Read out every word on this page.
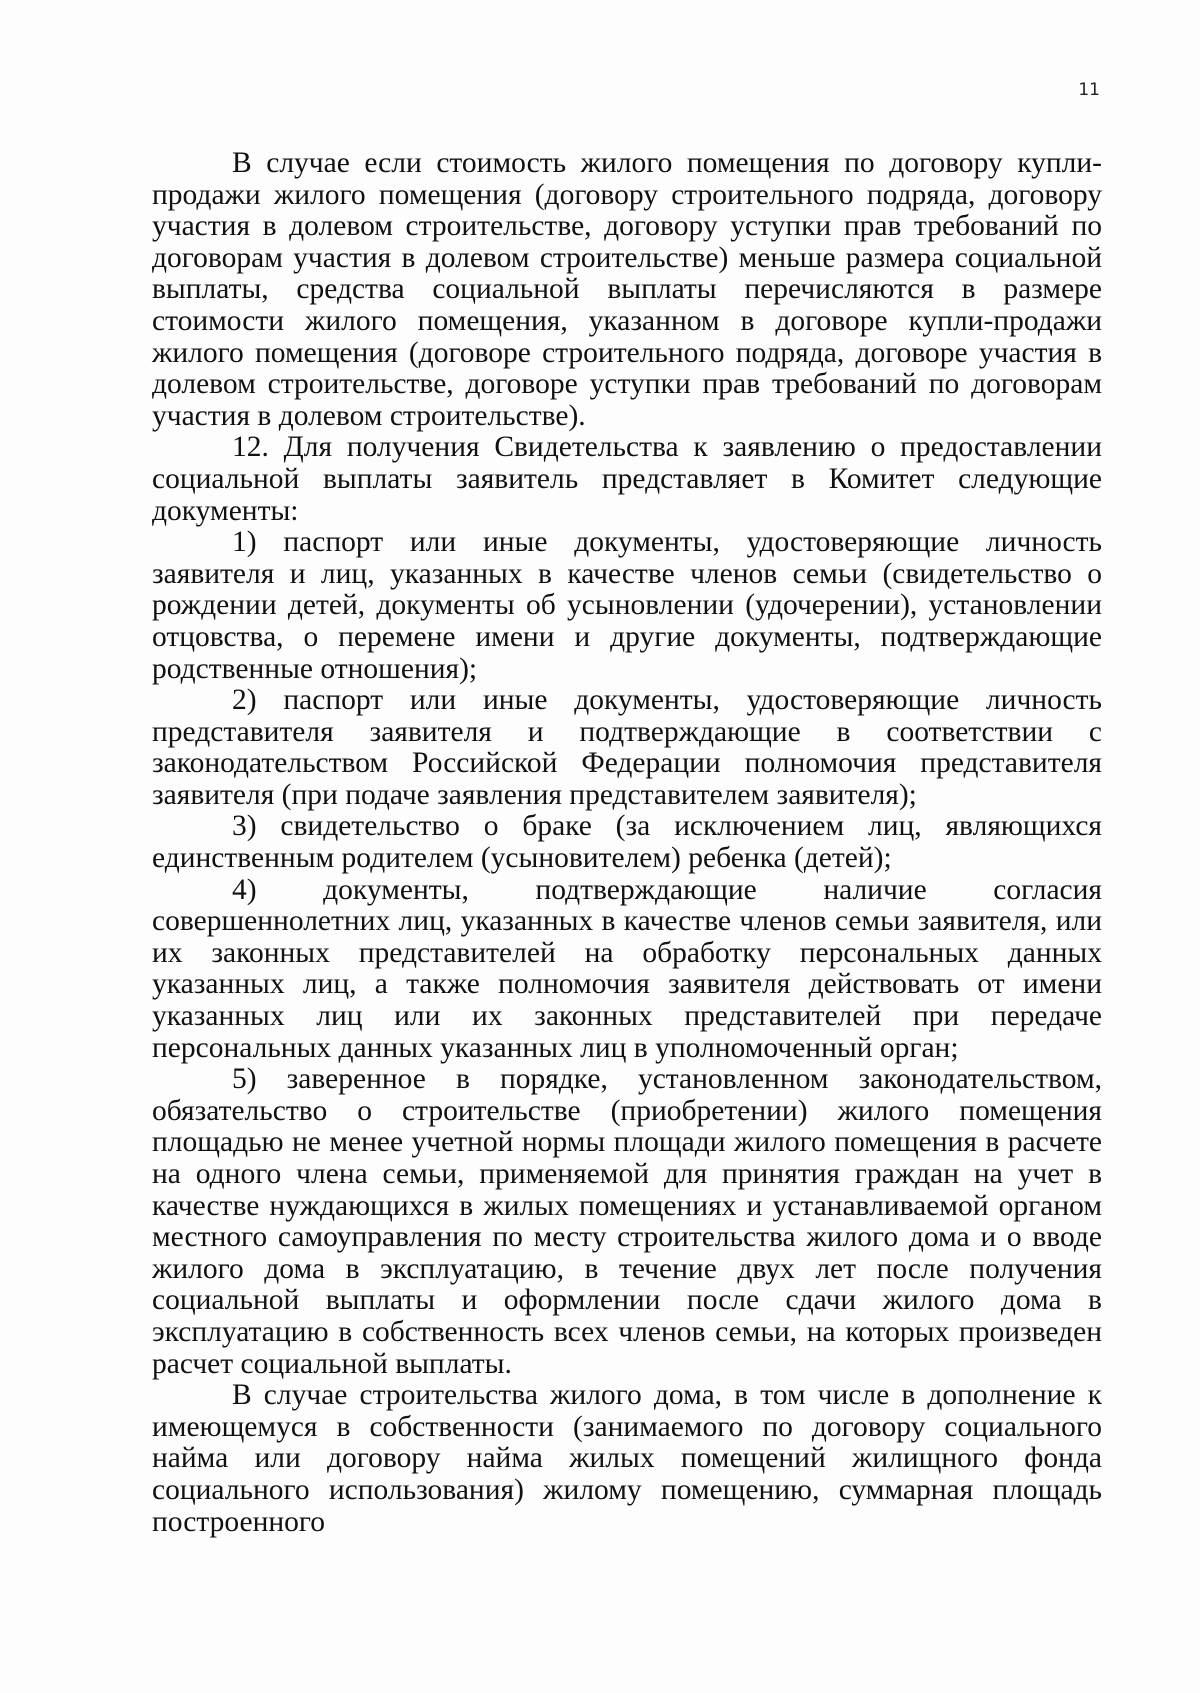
11

В случае если стоимость жилого помещения по договору купли-продажи жилого помещения (договору строительного подряда, договору участия в долевом строительстве, договору уступки прав требований по договорам участия в долевом строительстве) меньше размера социальной выплаты, средства социальной выплаты перечисляются в размере стоимости жилого помещения, указанном в договоре купли-продажи жилого помещения (договоре строительного подряда, договоре участия в долевом строительстве, договоре уступки прав требований по договорам участия в долевом строительстве).

12. Для получения Свидетельства к заявлению о предоставлении социальной выплаты заявитель представляет в Комитет следующие документы:

1) паспорт или иные документы, удостоверяющие личность заявителя и лиц, указанных в качестве членов семьи (свидетельство о рождении детей, документы об усыновлении (удочерении), установлении отцовства, о перемене имени и другие документы, подтверждающие родственные отношения);

2) паспорт или иные документы, удостоверяющие личность представителя заявителя и подтверждающие в соответствии с законодательством Российской Федерации полномочия представителя заявителя (при подаче заявления представителем заявителя);

3) свидетельство о браке (за исключением лиц, являющихся единственным родителем (усыновителем) ребенка (детей);

4) документы, подтверждающие наличие согласия совершеннолетних лиц, указанных в качестве членов семьи заявителя, или их законных представителей на обработку персональных данных указанных лиц, а также полномочия заявителя действовать от имени указанных лиц или их законных представителей при передаче персональных данных указанных лиц в уполномоченный орган;

5) заверенное в порядке, установленном законодательством, обязательство о строительстве (приобретении) жилого помещения площадью не менее учетной нормы площади жилого помещения в расчете на одного члена семьи, применяемой для принятия граждан на учет в качестве нуждающихся в жилых помещениях и устанавливаемой органом местного самоуправления по месту строительства жилого дома и о вводе жилого дома в эксплуатацию, в течение двух лет после получения социальной выплаты и оформлении после сдачи жилого дома в эксплуатацию в собственность всех членов семьи, на которых произведен расчет социальной выплаты.

В случае строительства жилого дома, в том числе в дополнение к имеющемуся в собственности (занимаемого по договору социального найма или договору найма жилых помещений жилищного фонда социального использования) жилому помещению, суммарная площадь построенного
